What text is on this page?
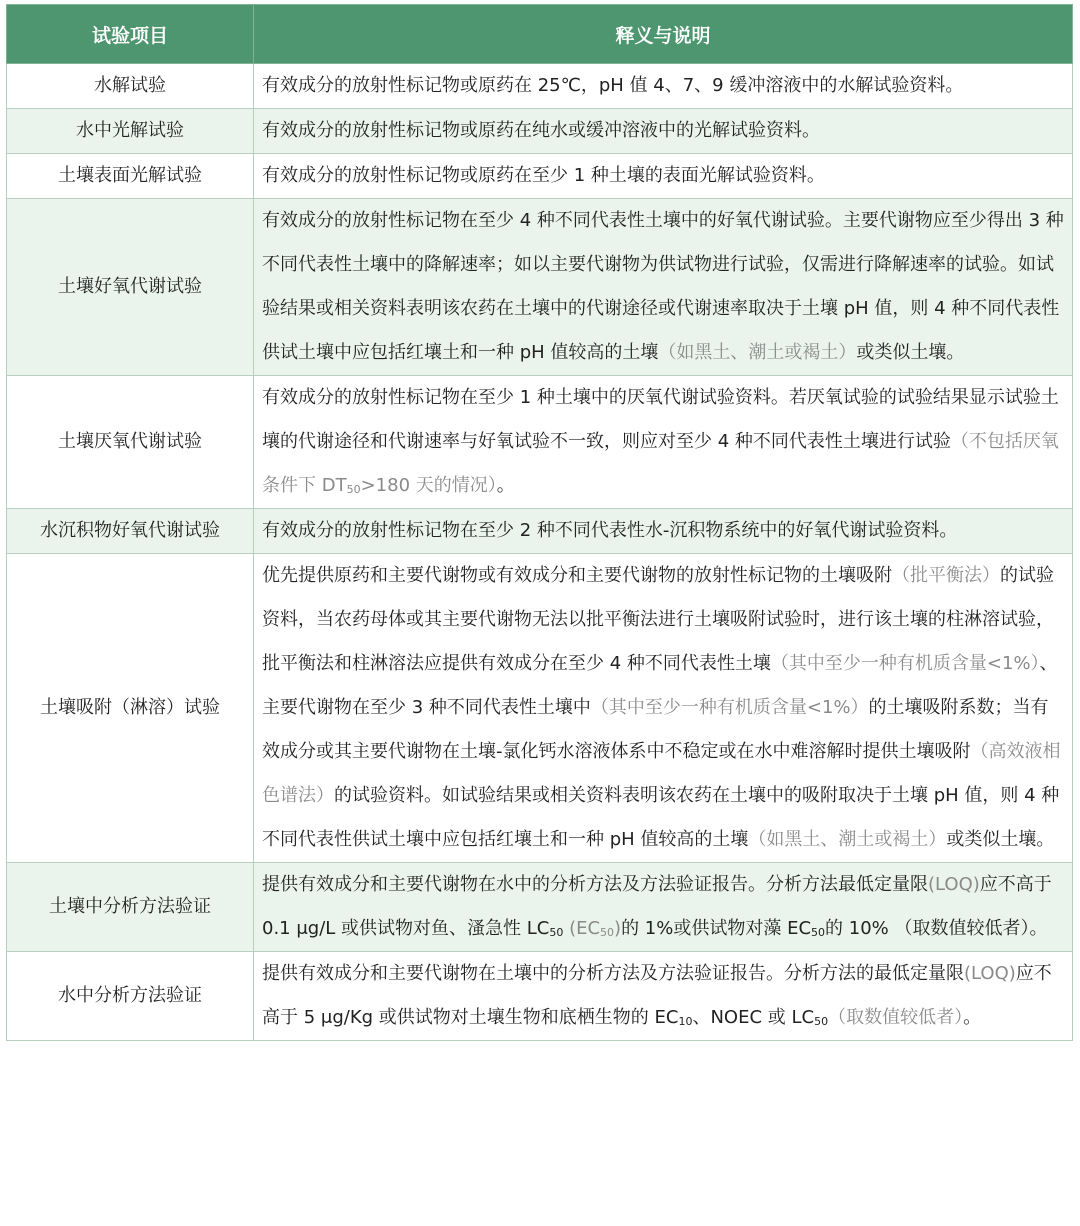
试验项目	释义与说明
水解试验	有效成分的放射性标记物或原药在 25℃，pH 值 4、7、9 缓冲溶液中的水解试验资料。
水中光解试验	有效成分的放射性标记物或原药在纯水或缓冲溶液中的光解试验资料。
土壤表面光解试验	有效成分的放射性标记物或原药在至少 1 种土壤的表面光解试验资料。
土壤好氧代谢试验	有效成分的放射性标记物在至少 4 种不同代表性土壤中的好氧代谢试验。主要代谢物应至少得出 3 种不同代表性土壤中的降解速率；如以主要代谢物为供试物进行试验，仅需进行降解速率的试验。如试验结果或相关资料表明该农药在土壤中的代谢途径或代谢速率取决于土壤 pH 值，则 4 种不同代表性供试土壤中应包括红壤土和一种 pH 值较高的土壤（如黑土、潮土或褐土）或类似土壤。
土壤厌氧代谢试验	有效成分的放射性标记物在至少 1 种土壤中的厌氧代谢试验资料。若厌氧试验的试验结果显示试验土壤的代谢途径和代谢速率与好氧试验不一致，则应对至少 4 种不同代表性土壤进行试验（不包括厌氧条件下 $DT_{50}>180$ 天的情况）。
水沉积物好氧代谢试验	有效成分的放射性标记物在至少 2 种不同代表性水-沉积物系统中的好氧代谢试验资料。
土壤吸附（淋溶）试验	优先提供原药和主要代谢物或有效成分和主要代谢物的放射性标记物的土壤吸附（批平衡法）的试验资料，当农药母体或其主要代谢物无法以批平衡法进行土壤吸附试验时，进行该土壤的柱淋溶试验，批平衡法和柱淋溶法应提供有效成分在至少 4 种不同代表性土壤（其中至少一种有机质含量<1%）、主要代谢物在至少 3 种不同代表性土壤中（其中至少一种有机质含量<1%）的土壤吸附系数；当有效成分或其主要代谢物在土壤-氯化钙水溶液体系中不稳定或在水中难溶解时提供土壤吸附（高效液相色谱法）的试验资料。如试验结果或相关资料表明该农药在土壤中的吸附取决于土壤 pH 值，则 4 种不同代表性供试土壤中应包括红壤土和一种 pH 值较高的土壤（如黑土、潮土或褐土）或类似土壤。
土壤中分析方法验证	提供有效成分和主要代谢物在水中的分析方法及方法验证报告。分析方法最低定量限(LOQ)应不高于 0.1 μg/L 或供试物对鱼、溞急性 $LC_{50}$ $(EC_{50})$的 1%或供试物对藻 $EC_{50}$的 10% （取数值较低者）。
水中分析方法验证	提供有效成分和主要代谢物在土壤中的分析方法及方法验证报告。分析方法的最低定量限(LOQ)应不高于 5 μg/Kg 或供试物对土壤生物和底栖生物的 $EC_{10}$、NOEC 或 $LC_{50}$（取数值较低者）。
